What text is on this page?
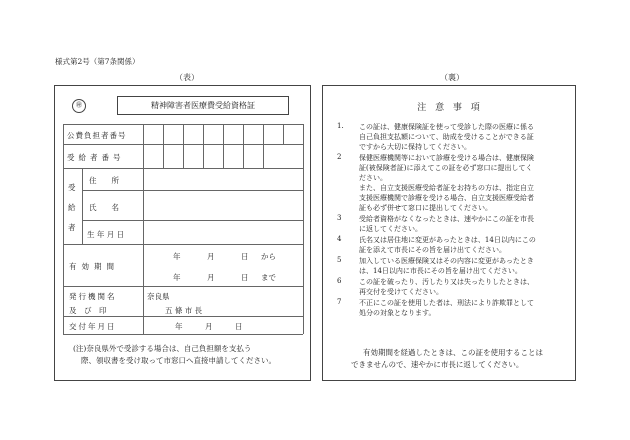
様式第2号（第7条関係）
（表）	（裏）
㊙	精神障害者医療費受給資格証
公費負担者番号
受給者番号
受
給
者
住　　所
氏　　名
生 年 月 日
有効期間
年	月	日 から
年	月	日 まで
発行機関名
及　び　印
奈良県
五 條 市 長
交付年月日	年	月	日
(注)奈良県外で受診する場合は、自己負担額を支払う
際、領収書を受け取って市窓口へ直接申請してください。
注 意 事 項
1. この証は、健康保険証を使って受診した際の医療に係る
自己負担支払額について、助成を受けることができる証
ですから大切に保持してください。
2	保健医療機関等において診療を受ける場合は、健康保険
証(被保険者証)に添えてこの証を必ず窓口に提出してく
ださい。
また、自立支援医療受給者証をお持ちの方は、指定自立
支援医療機関で診療を受ける場合、自立支援医療受給者
証も必ず併せて窓口に提出してください。
3	受給者資格がなくなったときは、速やかにこの証を市長
に返してください。
4	氏名又は居住地に変更があったときは、14日以内にこの
証を添えて市長にその旨を届け出てください。
5	加入している医療保険又はその内容に変更があったとき
は、14日以内に市長にその旨を届け出てください。
6	この証を破ったり、汚したり又は失ったりしたときは、
再交付を受けてください。
7	不正にこの証を使用した者は、刑法により詐欺罪として
処分の対象となります。
有効期間を経過したときは、この証を使用することは
できませんので、速やかに市長に返してください。
